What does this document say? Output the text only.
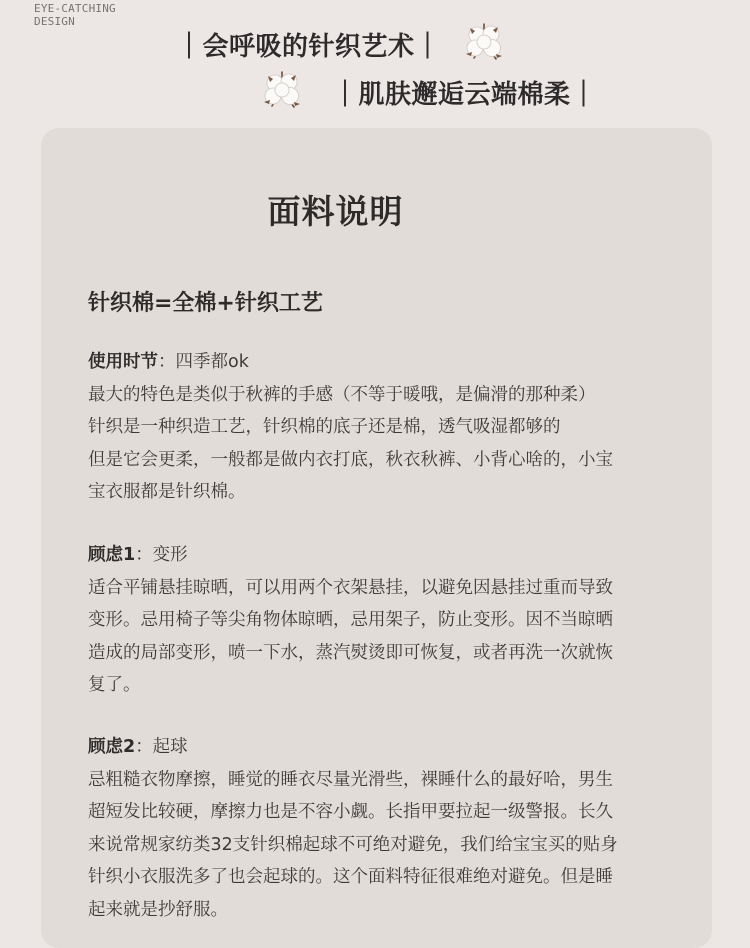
EYE-CATCHING
DESIGN
｜会呼吸的针织艺术｜
｜肌肤邂逅云端棉柔｜
面料说明
针织棉=全棉+针织工艺

使用时节：四季都ok

最大的特色是类似于秋裤的手感（不等于暖哦，是偏滑的那种柔）

针织是一种织造工艺，针织棉的底子还是棉，透气吸湿都够的

但是它会更柔，一般都是做内衣打底，秋衣秋裤、小背心啥的，小宝

宝衣服都是针织棉。

顾虑1：变形

适合平铺悬挂晾晒，可以用两个衣架悬挂，以避免因悬挂过重而导致

变形。忌用椅子等尖角物体晾晒，忌用架子，防止变形。因不当晾晒

造成的局部变形，喷一下水，蒸汽熨烫即可恢复，或者再洗一次就恢

复了。

顾虑2：起球

忌粗糙衣物摩擦，睡觉的睡衣尽量光滑些，裸睡什么的最好哈，男生

超短发比较硬，摩擦力也是不容小觑。长指甲要拉起一级警报。长久

来说常规家纺类32支针织棉起球不可绝对避免，我们给宝宝买的贴身

针织小衣服洗多了也会起球的。这个面料特征很难绝对避免。但是睡

起来就是抄舒服。
